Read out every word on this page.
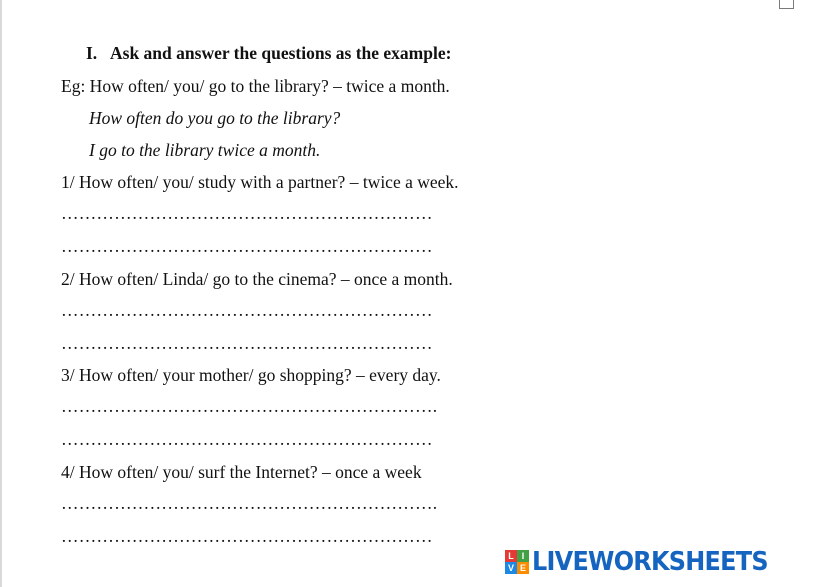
I. Ask and answer the questions as the example:
Eg: How often/ you/ go to the library? – twice a month.
How often do you go to the library?
I go to the library twice a month.
1/ How often/ you/ study with a partner? – twice a week.
………………………………………………………
………………………………………………………
2/ How often/ Linda/ go to the cinema? – once a month.
………………………………………………………
………………………………………………………
3/ How often/ your mother/ go shopping? – every day.
……………………………………………………….
………………………………………………………
4/ How often/ you/ surf the Internet? – once a week
……………………………………………………….
………………………………………………………
L I
V E LIVEWORKSHEETS
